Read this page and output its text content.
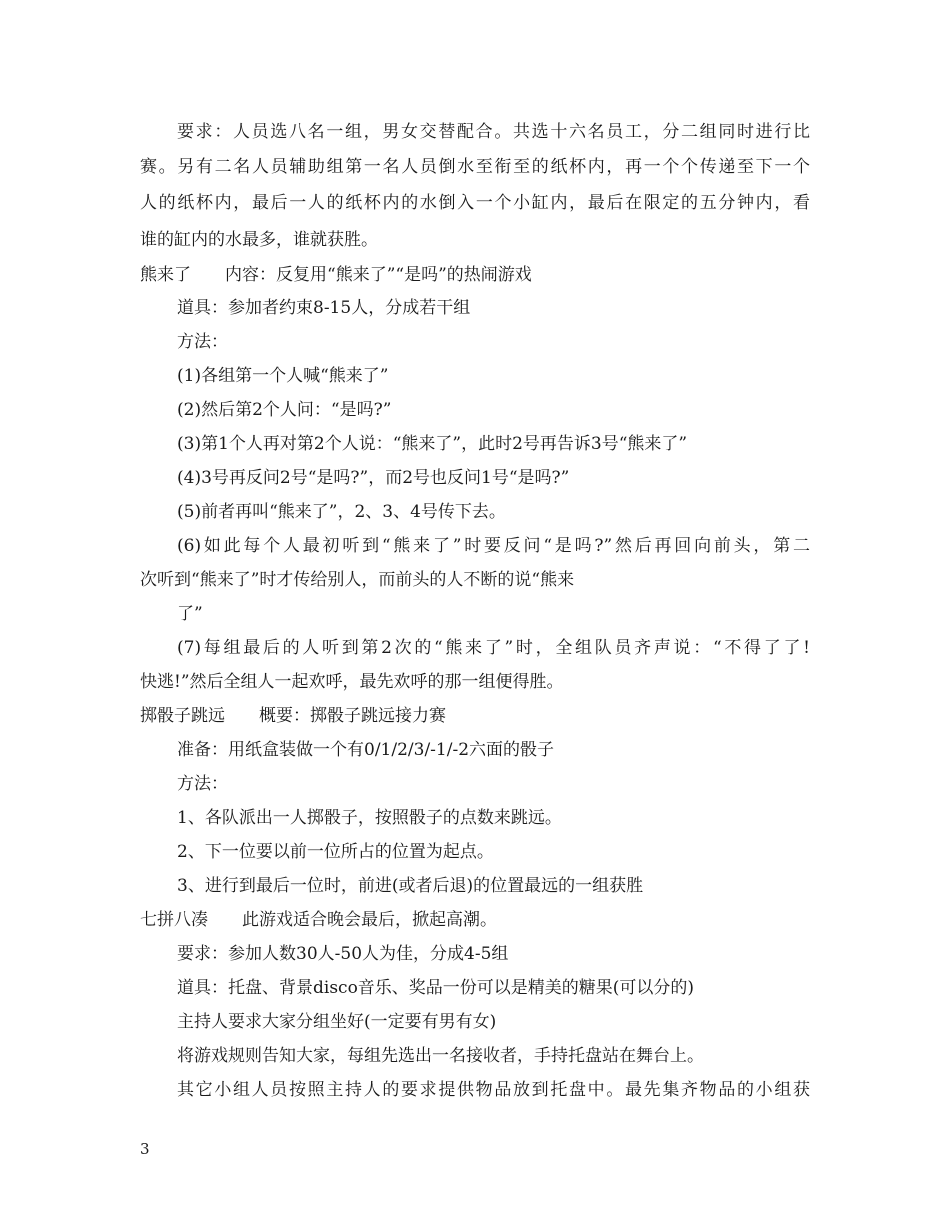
要求：人员选八名一组，男女交替配合。共选十六名员工，分二组同时进行比
赛。另有二名人员辅助组第一名人员倒水至衔至的纸杯内，再一个个传递至下一个
人的纸杯内，最后一人的纸杯内的水倒入一个小缸内，最后在限定的五分钟内，看
谁的缸内的水最多，谁就获胜。
熊来了　　内容：反复用“熊来了”“是吗”的热闹游戏
道具：参加者约束8-15人，分成若干组
方法：
(1)各组第一个人喊“熊来了”
(2)然后第2个人问：“是吗?”
(3)第1个人再对第2个人说：“熊来了”，此时2号再告诉3号“熊来了”
(4)3号再反问2号“是吗?”，而2号也反问1号“是吗?”
(5)前者再叫“熊来了”，2、3、4号传下去。
(6)如此每个人最初听到“熊来了”时要反问“是吗?”然后再回向前头，第二
次听到“熊来了”时才传给别人，而前头的人不断的说“熊来
了”
(7)每组最后的人听到第2次的“熊来了”时，全组队员齐声说：“不得了了!
快逃!”然后全组人一起欢呼，最先欢呼的那一组便得胜。
掷骰子跳远　　概要：掷骰子跳远接力赛
准备：用纸盒装做一个有0/1/2/3/-1/-2六面的骰子
方法：
1、各队派出一人掷骰子，按照骰子的点数来跳远。
2、下一位要以前一位所占的位置为起点。
3、进行到最后一位时，前进(或者后退)的位置最远的一组获胜
七拼八凑　　此游戏适合晚会最后，掀起高潮。
要求：参加人数30人-50人为佳，分成4-5组
道具：托盘、背景disco音乐、奖品一份可以是精美的糖果(可以分的)
主持人要求大家分组坐好(一定要有男有女)
将游戏规则告知大家，每组先选出一名接收者，手持托盘站在舞台上。
其它小组人员按照主持人的要求提供物品放到托盘中。最先集齐物品的小组获
3
